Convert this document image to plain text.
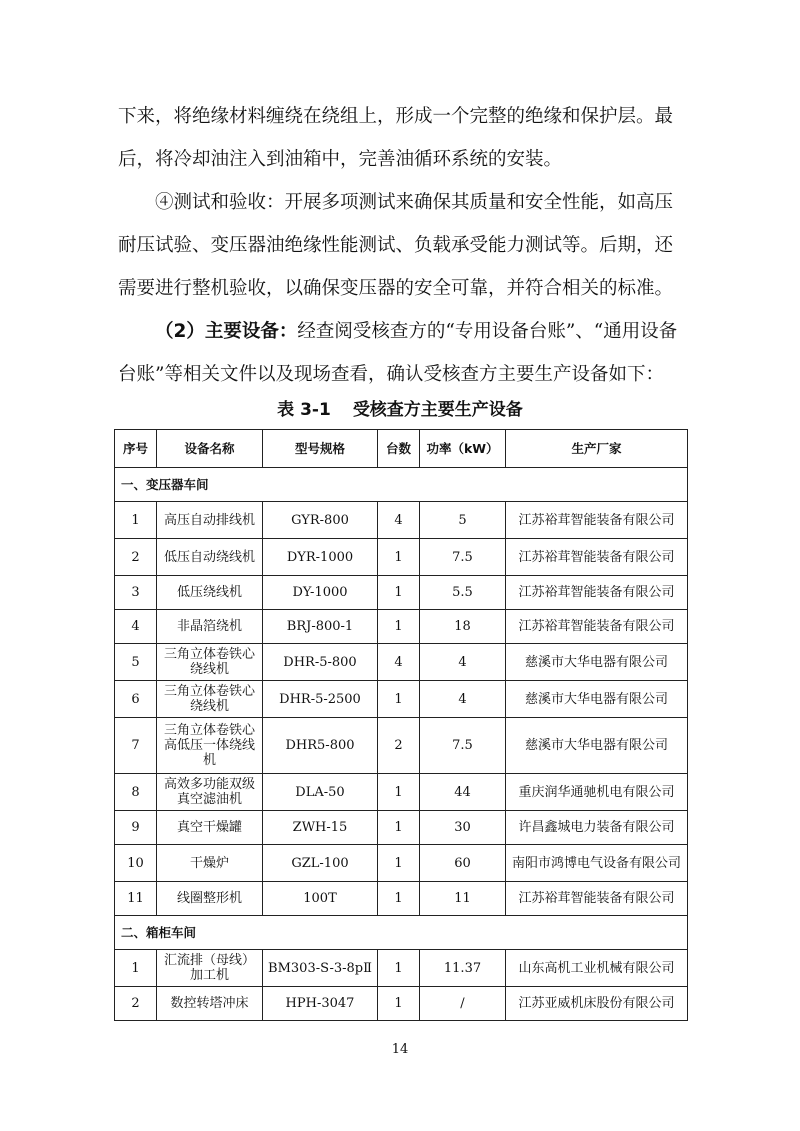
下来，将绝缘材料缠绕在绕组上，形成一个完整的绝缘和保护层。最后，将冷却油注入到油箱中，完善油循环系统的安装。

④测试和验收：开展多项测试来确保其质量和安全性能，如高压耐压试验、变压器油绝缘性能测试、负载承受能力测试等。后期，还需要进行整机验收，以确保变压器的安全可靠，并符合相关的标准。

（2）主要设备：经查阅受核查方的“专用设备台账”、“通用设备台账”等相关文件以及现场查看，确认受核查方主要生产设备如下：

表 3-1 受核查方主要生产设备
序号	设备名称	型号规格	台数	功率（kW）	生产厂家
一、变压器车间					
1	高压自动排线机	GYR-800	4	5	江苏裕茸智能装备有限公司
2	低压自动绕线机	DYR-1000	1	7.5	江苏裕茸智能装备有限公司
3	低压绕线机	DY-1000	1	5.5	江苏裕茸智能装备有限公司
4	非晶箔绕机	BRJ-800-1	1	18	江苏裕茸智能装备有限公司
5	三角立体卷铁心绕线机	DHR-5-800	4	4	慈溪市大华电器有限公司
6	三角立体卷铁心绕线机	DHR-5-2500	1	4	慈溪市大华电器有限公司
7	三角立体卷铁心高低压一体绕线机	DHR5-800	2	7.5	慈溪市大华电器有限公司
8	高效多功能双级真空滤油机	DLA-50	1	44	重庆润华通驰机电有限公司
9	真空干燥罐	ZWH-15	1	30	许昌鑫城电力装备有限公司
10	干燥炉	GZL-100	1	60	南阳市鸿博电气设备有限公司
11	线圈整形机	100T	1	11	江苏裕茸智能装备有限公司
二、箱柜车间					
1	汇流排（母线）加工机	BM303-S-3-8pⅡ	1	11.37	山东高机工业机械有限公司
2	数控转塔冲床	HPH-3047	1	/	江苏亚威机床股份有限公司
14
